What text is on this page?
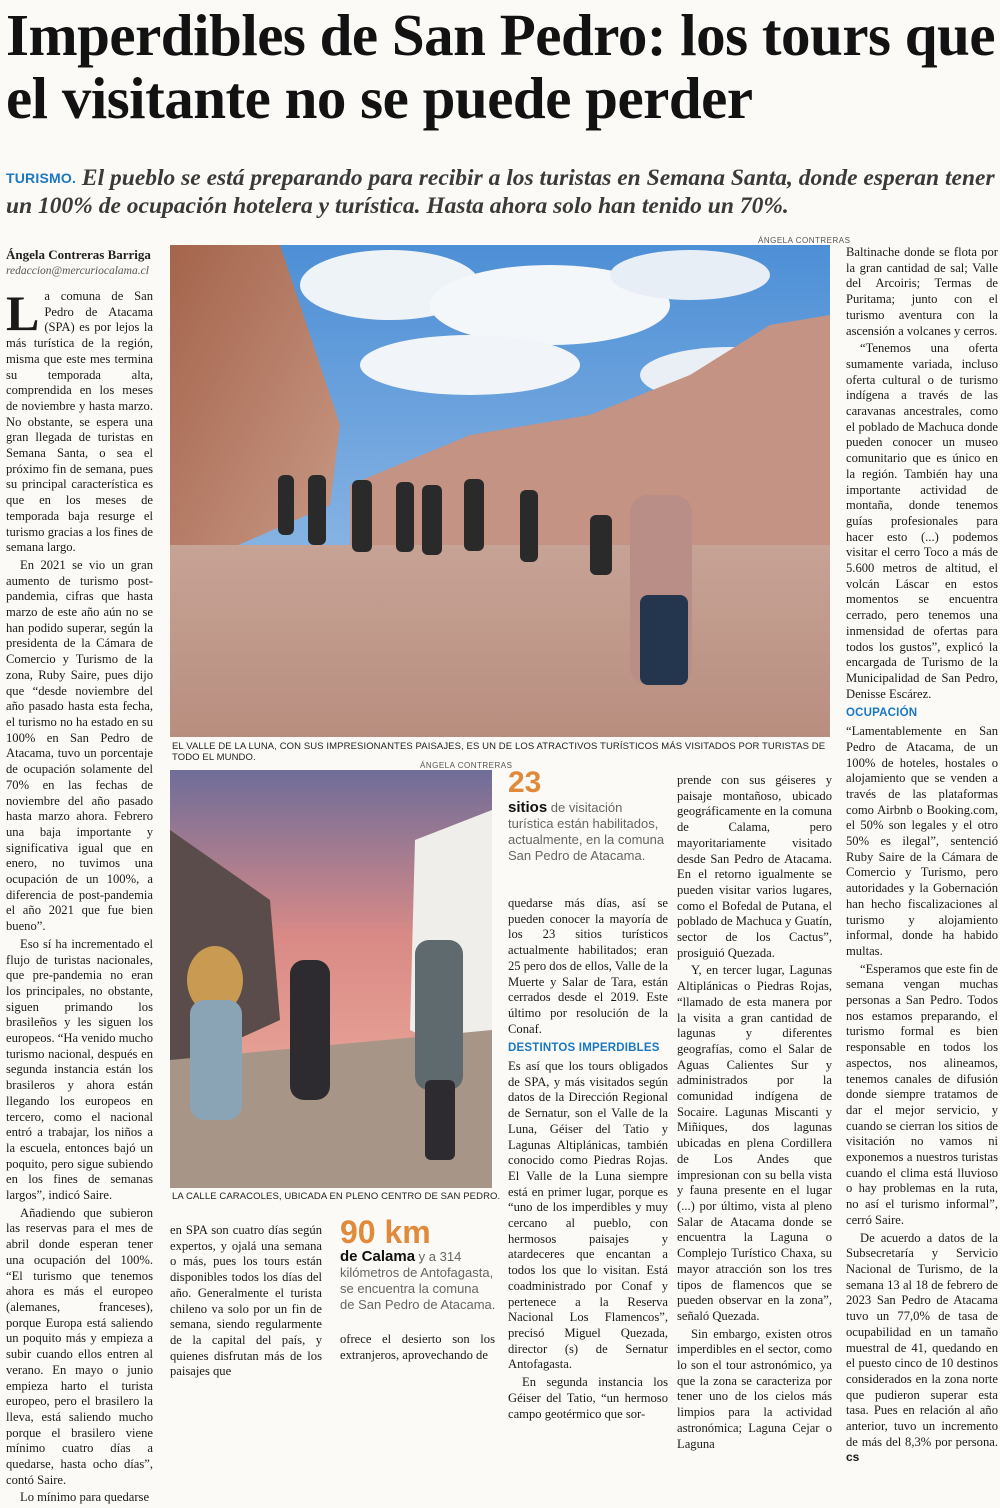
Imperdibles de San Pedro: los tours que el visitante no se puede perder
TURISMO. El pueblo se está preparando para recibir a los turistas en Semana Santa, donde esperan tener un 100% de ocupación hotelera y turística. Hasta ahora solo han tenido un 70%.
Ángela Contreras Barriga
redaccion@mercuriocalama.cl

La comuna de San Pedro de Atacama (SPA) es por lejos la más turística de la región, misma que este mes termina su temporada alta, comprendida en los meses de noviembre y hasta marzo. No obstante, se espera una gran llegada de turistas en Semana Santa, o sea el próximo fin de semana, pues su principal característica es que en los meses de temporada baja resurge el turismo gracias a los fines de semana largo.

En 2021 se vio un gran aumento de turismo post-pandemia, cifras que hasta marzo de este año aún no se han podido superar, según la presidenta de la Cámara de Comercio y Turismo de la zona, Ruby Saire, pues dijo que “desde noviembre del año pasado hasta esta fecha, el turismo no ha estado en su 100% en San Pedro de Atacama, tuvo un porcentaje de ocupación solamente del 70% en las fechas de noviembre del año pasado hasta marzo ahora. Febrero una baja importante y significativa igual que en enero, no tuvimos una ocupación de un 100%, a diferencia de post-pandemia el año 2021 que fue bien bueno”.

Eso sí ha incrementado el flujo de turistas nacionales, que pre-pandemia no eran los principales, no obstante, siguen primando los brasileños y les siguen los europeos. “Ha venido mucho turismo nacional, después en segunda instancia están los brasileros y ahora están llegando los europeos en tercero, como el nacional entró a trabajar, los niños a la escuela, entonces bajó un poquito, pero sigue subiendo en los fines de semanas largos”, indicó Saire.

Añadiendo que subieron las reservas para el mes de abril donde esperan tener una ocupación del 100%. “El turismo que tenemos ahora es más el europeo (alemanes, franceses), porque Europa está saliendo un poquito más y empieza a subir cuando ellos entren al verano. En mayo o junio empieza harto el turista europeo, pero el brasilero la lleva, está saliendo mucho porque el brasilero viene mínimo cuatro días a quedarse, hasta ocho días”, contó Saire.

Lo mínimo para quedarse

ÁNGELA CONTRERAS
EL VALLE DE LA LUNA, CON SUS IMPRESIONANTES PAISAJES, ES UN DE LOS ATRACTIVOS TURÍSTICOS MÁS VISITADOS POR TURISTAS DE TODO EL MUNDO.
ÁNGELA CONTRERAS
LA CALLE CARACOLES, UBICADA EN PLENO CENTRO DE SAN PEDRO.

en SPA son cuatro días según expertos, y ojalá una semana o más, pues los tours están disponibles todos los días del año. Generalmente el turista chileno va solo por un fin de semana, siendo regularmente de la capital del país, y quienes disfrutan más de los paisajes que

90 km
de Calama y a 314 kilómetros de Antofagasta, se encuentra la comuna de San Pedro de Atacama.

ofrece el desierto son los extranjeros, aprovechando de

23
sitios de visitación turística están habilitados, actualmente, en la comuna San Pedro de Atacama.

quedarse más días, así se pueden conocer la mayoría de los 23 sitios turísticos actualmente habilitados; eran 25 pero dos de ellos, Valle de la Muerte y Salar de Tara, están cerrados desde el 2019. Este último por resolución de la Conaf.

DESTINTOS IMPERDIBLES

Es así que los tours obligados de SPA, y más visitados según datos de la Dirección Regional de Sernatur, son el Valle de la Luna, Géiser del Tatio y Lagunas Altiplánicas, también conocido como Piedras Rojas. El Valle de la Luna siempre está en primer lugar, porque es “uno de los imperdibles y muy cercano al pueblo, con hermosos paisajes y atardeceres que encantan a todos los que lo visitan. Está coadministrado por Conaf y pertenece a la Reserva Nacional Los Flamencos”, precisó Miguel Quezada, director (s) de Sernatur Antofagasta.

En segunda instancia los Géiser del Tatio, “un hermoso campo geotérmico que sor-

prende con sus géiseres y paisaje montañoso, ubicado geográficamente en la comuna de Calama, pero mayoritariamente visitado desde San Pedro de Atacama. En el retorno igualmente se pueden visitar varios lugares, como el Bofedal de Putana, el poblado de Machuca y Guatín, sector de los Cactus”, prosiguió Quezada.

Y, en tercer lugar, Lagunas Altiplánicas o Piedras Rojas, “llamado de esta manera por la visita a gran cantidad de lagunas y diferentes geografías, como el Salar de Aguas Calientes Sur y administrados por la comunidad indígena de Socaire. Lagunas Miscanti y Miñiques, dos lagunas ubicadas en plena Cordillera de Los Andes que impresionan con su bella vista y fauna presente en el lugar (...) por último, vista al pleno Salar de Atacama donde se encuentra la Laguna o Complejo Turístico Chaxa, su mayor atracción son los tres tipos de flamencos que se pueden observar en la zona”, señaló Quezada.

Sin embargo, existen otros imperdibles en el sector, como lo son el tour astronómico, ya que la zona se caracteriza por tener uno de los cielos más limpios para la actividad astronómica; Laguna Cejar o Laguna

Baltinache donde se flota por la gran cantidad de sal; Valle del Arcoiris; Termas de Puritama; junto con el turismo aventura con la ascensión a volcanes y cerros.

“Tenemos una oferta sumamente variada, incluso oferta cultural o de turismo indígena a través de las caravanas ancestrales, como el poblado de Machuca donde pueden conocer un museo comunitario que es único en la región. También hay una importante actividad de montaña, donde tenemos guías profesionales para hacer esto (...) podemos visitar el cerro Toco a más de 5.600 metros de altitud, el volcán Láscar en estos momentos se encuentra cerrado, pero tenemos una inmensidad de ofertas para todos los gustos”, explicó la encargada de Turismo de la Municipalidad de San Pedro, Denisse Escárez.

OCUPACIÓN

“Lamentablemente en San Pedro de Atacama, de un 100% de hoteles, hostales o alojamiento que se venden a través de las plataformas como Airbnb o Booking.com, el 50% son legales y el otro 50% es ilegal”, sentenció Ruby Saire de la Cámara de Comercio y Turismo, pero autoridades y la Gobernación han hecho fiscalizaciones al turismo y alojamiento informal, donde ha habido multas.

“Esperamos que este fin de semana vengan muchas personas a San Pedro. Todos nos estamos preparando, el turismo formal es bien responsable en todos los aspectos, nos alineamos, tenemos canales de difusión donde siempre tratamos de dar el mejor servicio, y cuando se cierran los sitios de visitación no vamos ni exponemos a nuestros turistas cuando el clima está lluvioso o hay problemas en la ruta, no así el turismo informal”, cerró Saire.

De acuerdo a datos de la Subsecretaría y Servicio Nacional de Turismo, de la semana 13 al 18 de febrero de 2023 San Pedro de Atacama tuvo un 77,0% de tasa de ocupabilidad en un tamaño muestral de 41, quedando en el puesto cinco de 10 destinos considerados en la zona norte que pudieron superar esta tasa. Pues en relación al año anterior, tuvo un incremento de más del 8,3% por persona. cs
